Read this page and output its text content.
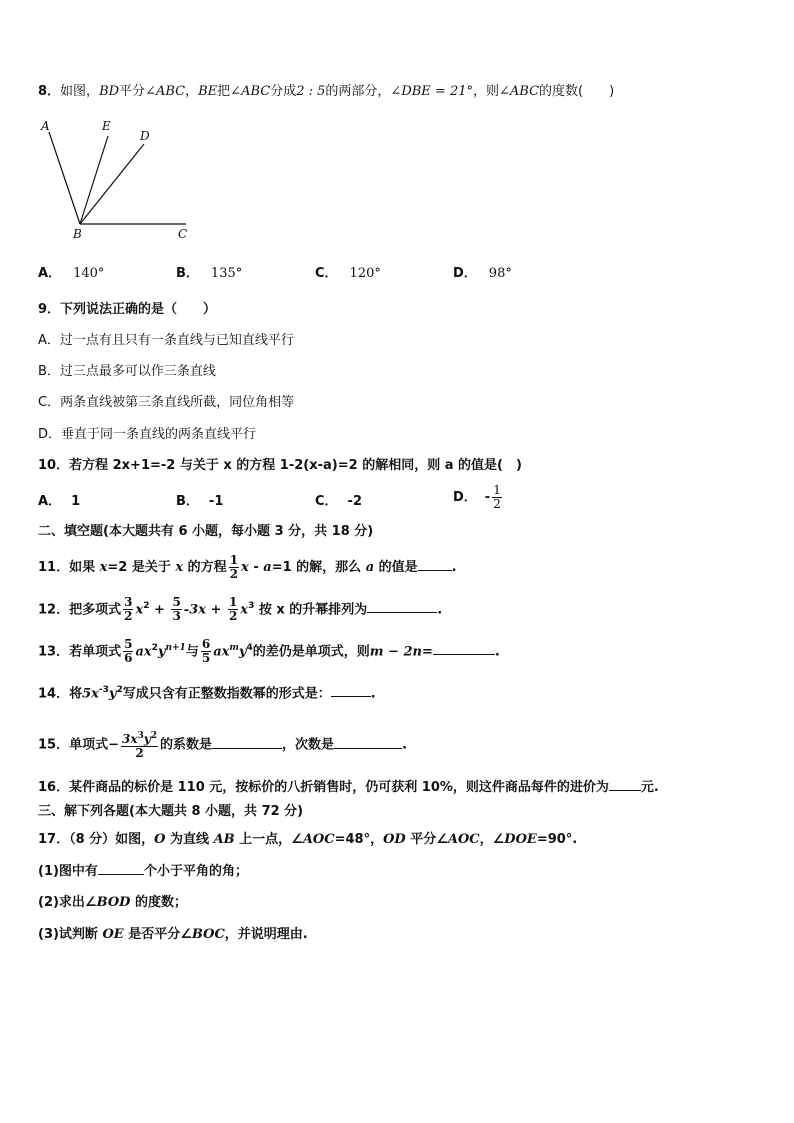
8．如图，BD平分∠ABC，BE把∠ABC分成2 : 5的两部分，∠DBE = 21°，则∠ABC的度数(　　)
A	E
D
B	C
A． 140°	B． 135°	C． 120°	D． 98°
9．下列说法正确的是（　　）
A．过一点有且只有一条直线与已知直线平行
B．过三点最多可以作三条直线
C．两条直线被第三条直线所截，同位角相等
D．垂直于同一条直线的两条直线平行
10．若方程 2x+1=-2 与关于 x 的方程 1-2(x-a)=2 的解相同，则 a 的值是(　)
A． 1	B． -1	C． -2	D． - $\frac{1}{2}$
二、填空题(本大题共有 6 小题，每小题 3 分，共 18 分)
11．如果 x=2 是关于 x 的方程 $\frac{1}{2}$ x - a=1 的解，那么 a 的值是	.
12．把多项式 $\frac{3}{2} x^2 + \frac{5}{3} -3x + \frac{1}{2} x^3$ 按 x 的升幂排列为	.
13．若单项式 $\frac{5}{6} ax^2y^{n+1}$与 $\frac{6}{5} ax^my^4$的差仍是单项式，则m − 2n=	.
14．将$5x^{-3}y^2$写成只含有正整数指数幂的形式是：	.
15．单项式− $\frac{3x^3y^2}{2}$ 的系数是	，次数是	.
16．某件商品的标价是 110 元，按标价的八折销售时，仍可获利 10%，则这件商品每件的进价为 元.
三、解下列各题(本大题共 8 小题，共 72 分)
17．（8 分）如图，O 为直线 AB 上一点，∠AOC=48°，OD 平分∠AOC，∠DOE=90°.
(1)图中有	个小于平角的角；
(2)求出∠BOD 的度数；
(3)试判断 OE 是否平分∠BOC，并说明理由.
